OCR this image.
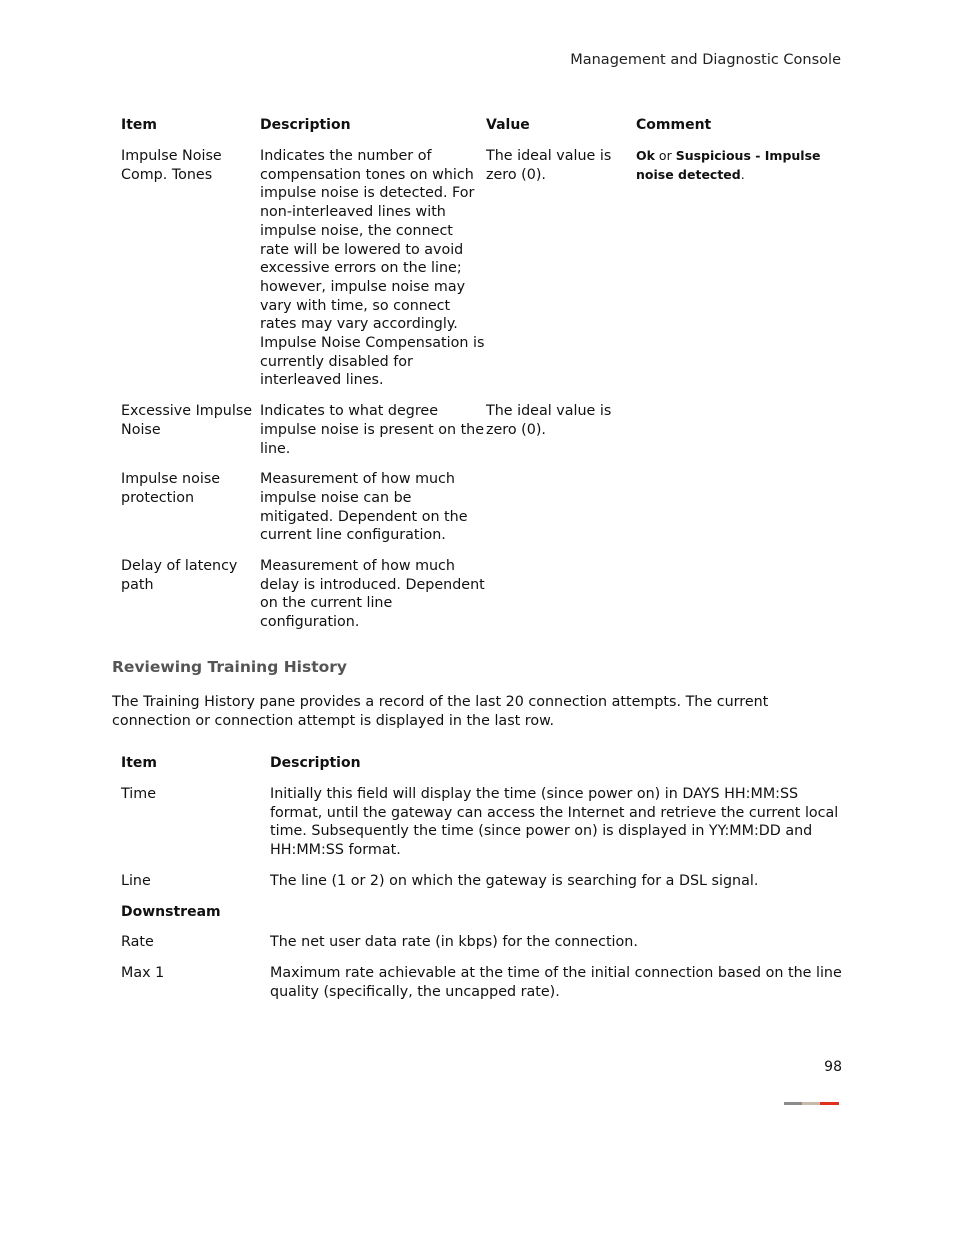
Management and Diagnostic Console
Item	Description	Value	Comment
Impulse Noise Comp. Tones	Indicates the number of compensation tones on which impulse noise is detected. For non-interleaved lines with impulse noise, the connect rate will be lowered to avoid excessive errors on the line; however, impulse noise may vary with time, so connect rates may vary accordingly. Impulse Noise Compensation is currently disabled for interleaved lines.	The ideal value is zero (0).	Ok or Suspicious - Impulse noise detected.
Excessive Impulse Noise	Indicates to what degree impulse noise is present on the line.	The ideal value is zero (0).	
Impulse noise protection	Measurement of how much impulse noise can be mitigated. Dependent on the current line configuration.		
Delay of latency path	Measurement of how much delay is introduced. Dependent on the current line configuration.		
Reviewing Training History
The Training History pane provides a record of the last 20 connection attempts. The current connection or connection attempt is displayed in the last row.
Item	Description
Time	Initially this field will display the time (since power on) in DAYS HH:MM:SS format, until the gateway can access the Internet and retrieve the current local time. Subsequently the time (since power on) is displayed in YY:MM:DD and HH:MM:SS format.
Line	The line (1 or 2) on which the gateway is searching for a DSL signal.
Downstream	
Rate	The net user data rate (in kbps) for the connection.
Max 1	Maximum rate achievable at the time of the initial connection based on the line quality (specifically, the uncapped rate).
98
